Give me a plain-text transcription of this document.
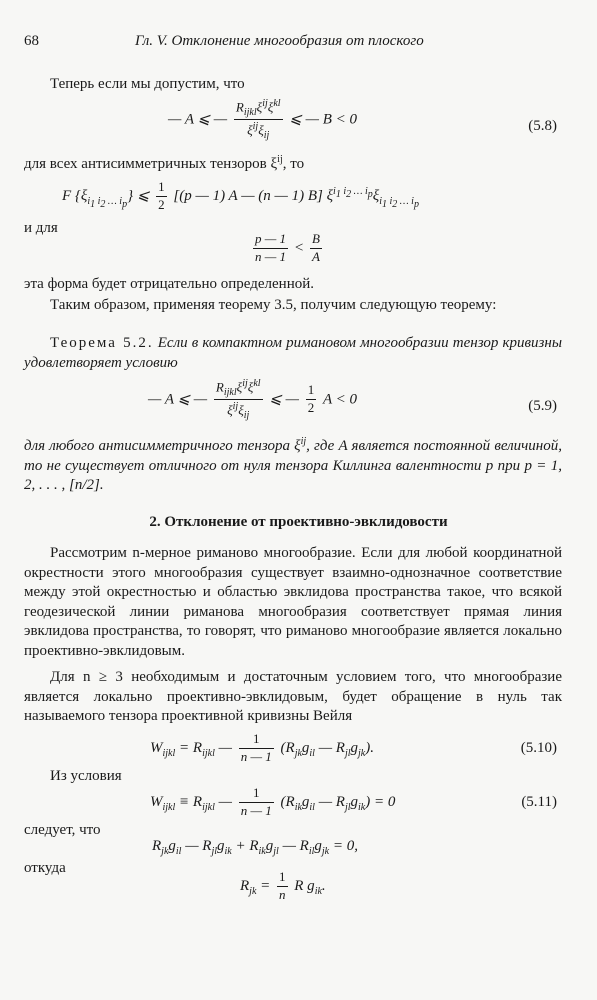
68	Гл. V. Отклонение многообразия от плоского
Теперь если мы допустим, что
— A ⩽ — $\frac{R_{ijkl}\xi^{ij}\xi^{kl}}{\xi^{ij}\xi_{ij}}$ ⩽ — B < 0	(5.8)
для всех антисимметричных тензоров $\xi^{ij}$, то
F $\{\xi_{i_1 i_2 \dots i_p}\}$ ⩽ $\frac{1}{2} [(p$ — 1) A — (n — 1) B] $\xi^{i_1 i_2 \dots i_p}\xi_{i_1 i_2 \dots i_p}$
и для
$\frac{p — 1}{n — 1} < \frac{B}{A}$
эта форма будет отрицательно определенной.
Таким образом, применяя теорему 3.5, получим следующую теорему:
Теорема 5.2. Если в компактном римановом многообразии тензор кривизны удовлетворяет условию
— A ⩽ — $\frac{R_{ijkl}\xi^{ij}\xi^{kl}}{\xi^{ij}\xi_{ij}}$ ⩽ — $\frac{1}{2}$ A < 0	(5.9)
для любого антисимметричного тензора $\xi^{ij}$, где A является постоянной величиной, то не существует отличного от нуля тензора Киллинга валентности p при p = 1, 2, . . . , [n/2].
2. Отклонение от проективно-эвклидовости
Рассмотрим n-мерное риманово многообразие. Если для любой координатной окрестности этого многообразия существует взаимно-однозначное соответствие между этой окрестностью и областью эвклидова пространства такое, что всякой геодезической линии риманова многообразия соответствует прямая линия эвклидова пространства, то говорят, что риманово многообразие является локально проективно-эвклидовым.
Для n ≥ 3 необходимым и достаточным условием того, что многообразие является локально проективно-эвклидовым, будет обращение в нуль так называемого тензора проективной кривизны Вейля
$W_{ijkl} = R_{ijkl}$ — $\frac{1}{n — 1} (R_{jk}g_{il}$ — $R_{jl}g_{jk}$).	(5.10)
Из условия
$W_{ijkl} \equiv R_{ijkl}$ — $\frac{1}{n — 1} (R_{ik}g_{il}$ — $R_{jl}g_{ik}) = 0$	(5.11)
следует, что
$R_{jk}g_{il}$ — $R_{jl}g_{ik} + R_{ik}g_{jl}$ — $R_{il}g_{jk} = 0$,
откуда
$R_{jk} = \frac{1}{n}$ R $g_{ik}$.
